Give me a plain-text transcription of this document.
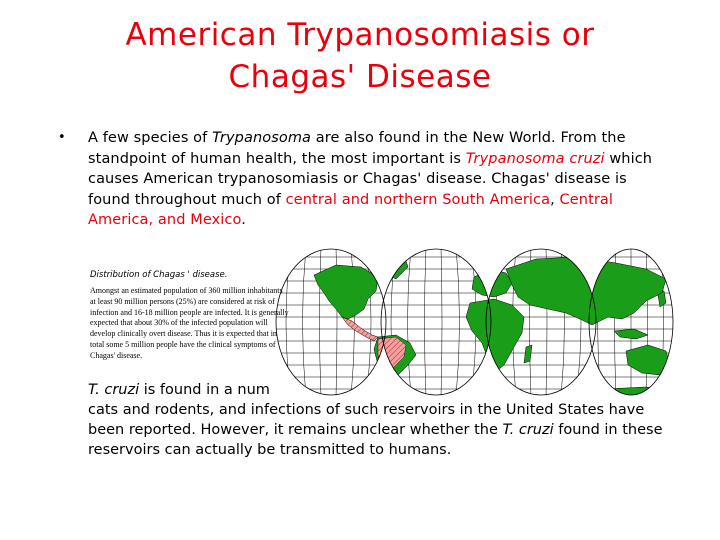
American Trypanosomiasis or
Chagas' Disease
• A few species of Trypanosoma are also found in the New World. From the standpoint of human health, the most important is Trypanosoma cruzi which causes American trypanosomiasis or Chagas' disease. Chagas' disease is found throughout much of central and northern South America, Central America, and Mexico.
Distribution of Chagas ' disease.
Amongst an estimated population of 360 million inhabitants at least 90 million persons (25%) are considered at risk of infection and 16-18 million people are infected. It is generally expected that about 30% of the infected population will develop clinically overt disease. Thus it is expected that in total some 5 million people have the clinical symptoms of Chagas' disease.
T. cruzi is found in a num
cats and rodents, and infections of such reservoirs in the United States have been reported. However, it remains unclear whether the T. cruzi found in these reservoirs can actually be transmitted to humans.
